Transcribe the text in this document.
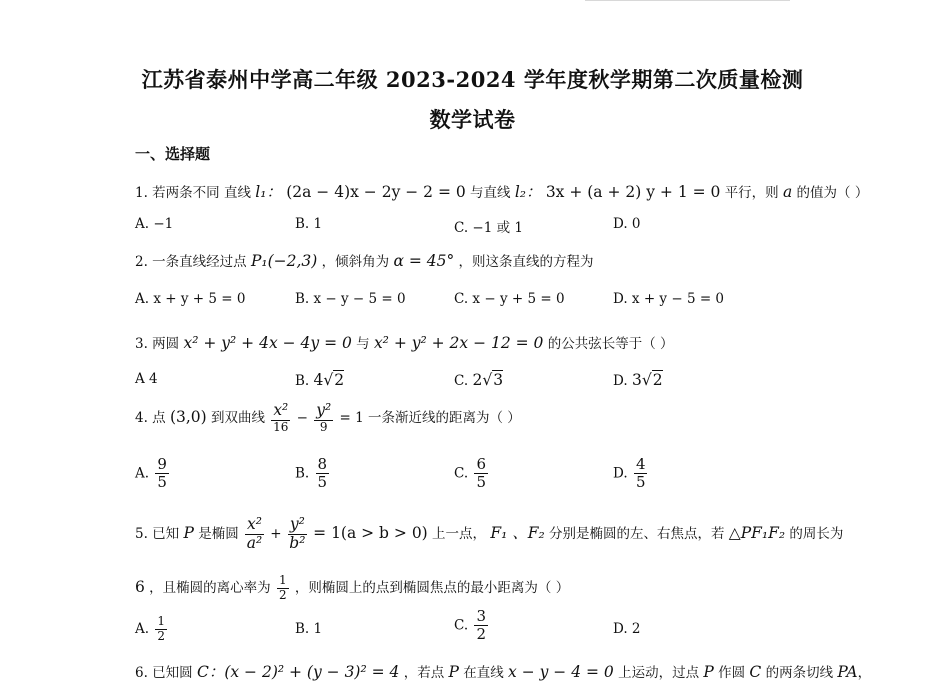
江苏省泰州中学高二年级 2023-2024 学年度秋学期第二次质量检测
数学试卷
一、选择题
1. 若两条不同 直线 l₁： (2a − 4)x − 2y − 2 = 0 与直线 l₂： 3x + (a + 2) y + 1 = 0 平行，则 a 的值为（ ）
A. −1	B. 1	C. −1 或 1	D. 0
2. 一条直线经过点 P₁(−2,3) ，倾斜角为 α = 45° ，则这条直线的方程为
A. x + y + 5 = 0	B. x − y − 5 = 0	C. x − y + 5 = 0	D. x + y − 5 = 0
3. 两圆 x² + y² + 4x − 4y = 0 与 x² + y² + 2x − 12 = 0 的公共弦长等于（ ）
A 4	B. 4√2	C. 2√3	D. 3√2
4. 点 (3,0) 到双曲线 $\frac{\text{x²}}{16} - \frac{\text{y²}}{9} = 1$ 一条渐近线的距离为（ ）
A. $\frac{9}{5}$	B. $\frac{8}{5}$	C. $\frac{6}{5}$	D. $\frac{4}{5}$
5. 已知 P 是椭圆 $\frac{\text{x²}}{\text{a²}} + \frac{\text{y²}}{\text{b²}} = 1(a > b > 0)$ 上一点， F₁ 、F₂ 分别是椭圆的左、右焦点，若 △PF₁F₂ 的周长为
6 ，且椭圆的离心率为 $\frac{1}{2}$ ，则椭圆上的点到椭圆焦点的最小距离为（ ）
A. $\frac{1}{2}$	B. 1	C. $\frac{3}{2}$	D. 2
6. 已知圆 C：(x − 2)² + (y − 3)² = 4 ，若点 P 在直线 x − y − 4 = 0 上运动，过点 P 作圆 C 的两条切线 PA，
